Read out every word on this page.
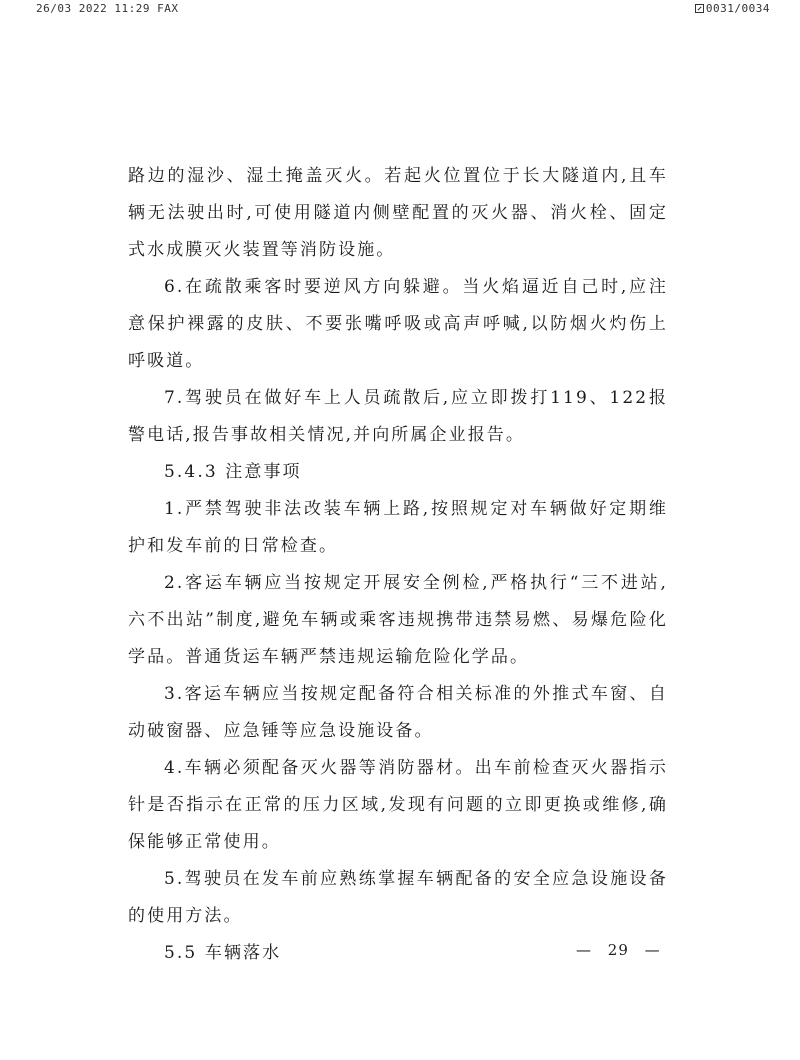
26/03 2022 11:29 FAX	0031/0034

路边的湿沙、湿土掩盖灭火。若起火位置位于长大隧道内,且车辆无法驶出时,可使用隧道内侧壁配置的灭火器、消火栓、固定式水成膜灭火装置等消防设施。

6.在疏散乘客时要逆风方向躲避。当火焰逼近自己时,应注意保护裸露的皮肤、不要张嘴呼吸或高声呼喊,以防烟火灼伤上呼吸道。

7.驾驶员在做好车上人员疏散后,应立即拨打119、122报警电话,报告事故相关情况,并向所属企业报告。

5.4.3 注意事项

1.严禁驾驶非法改装车辆上路,按照规定对车辆做好定期维护和发车前的日常检查。

2.客运车辆应当按规定开展安全例检,严格执行“三不进站,六不出站”制度,避免车辆或乘客违规携带违禁易燃、易爆危险化学品。普通货运车辆严禁违规运输危险化学品。

3.客运车辆应当按规定配备符合相关标准的外推式车窗、自动破窗器、应急锤等应急设施设备。

4.车辆必须配备灭火器等消防器材。出车前检查灭火器指示针是否指示在正常的压力区域,发现有问题的立即更换或维修,确保能够正常使用。

5.驾驶员在发车前应熟练掌握车辆配备的安全应急设施设备的使用方法。

5.5 车辆落水	— 29 —
